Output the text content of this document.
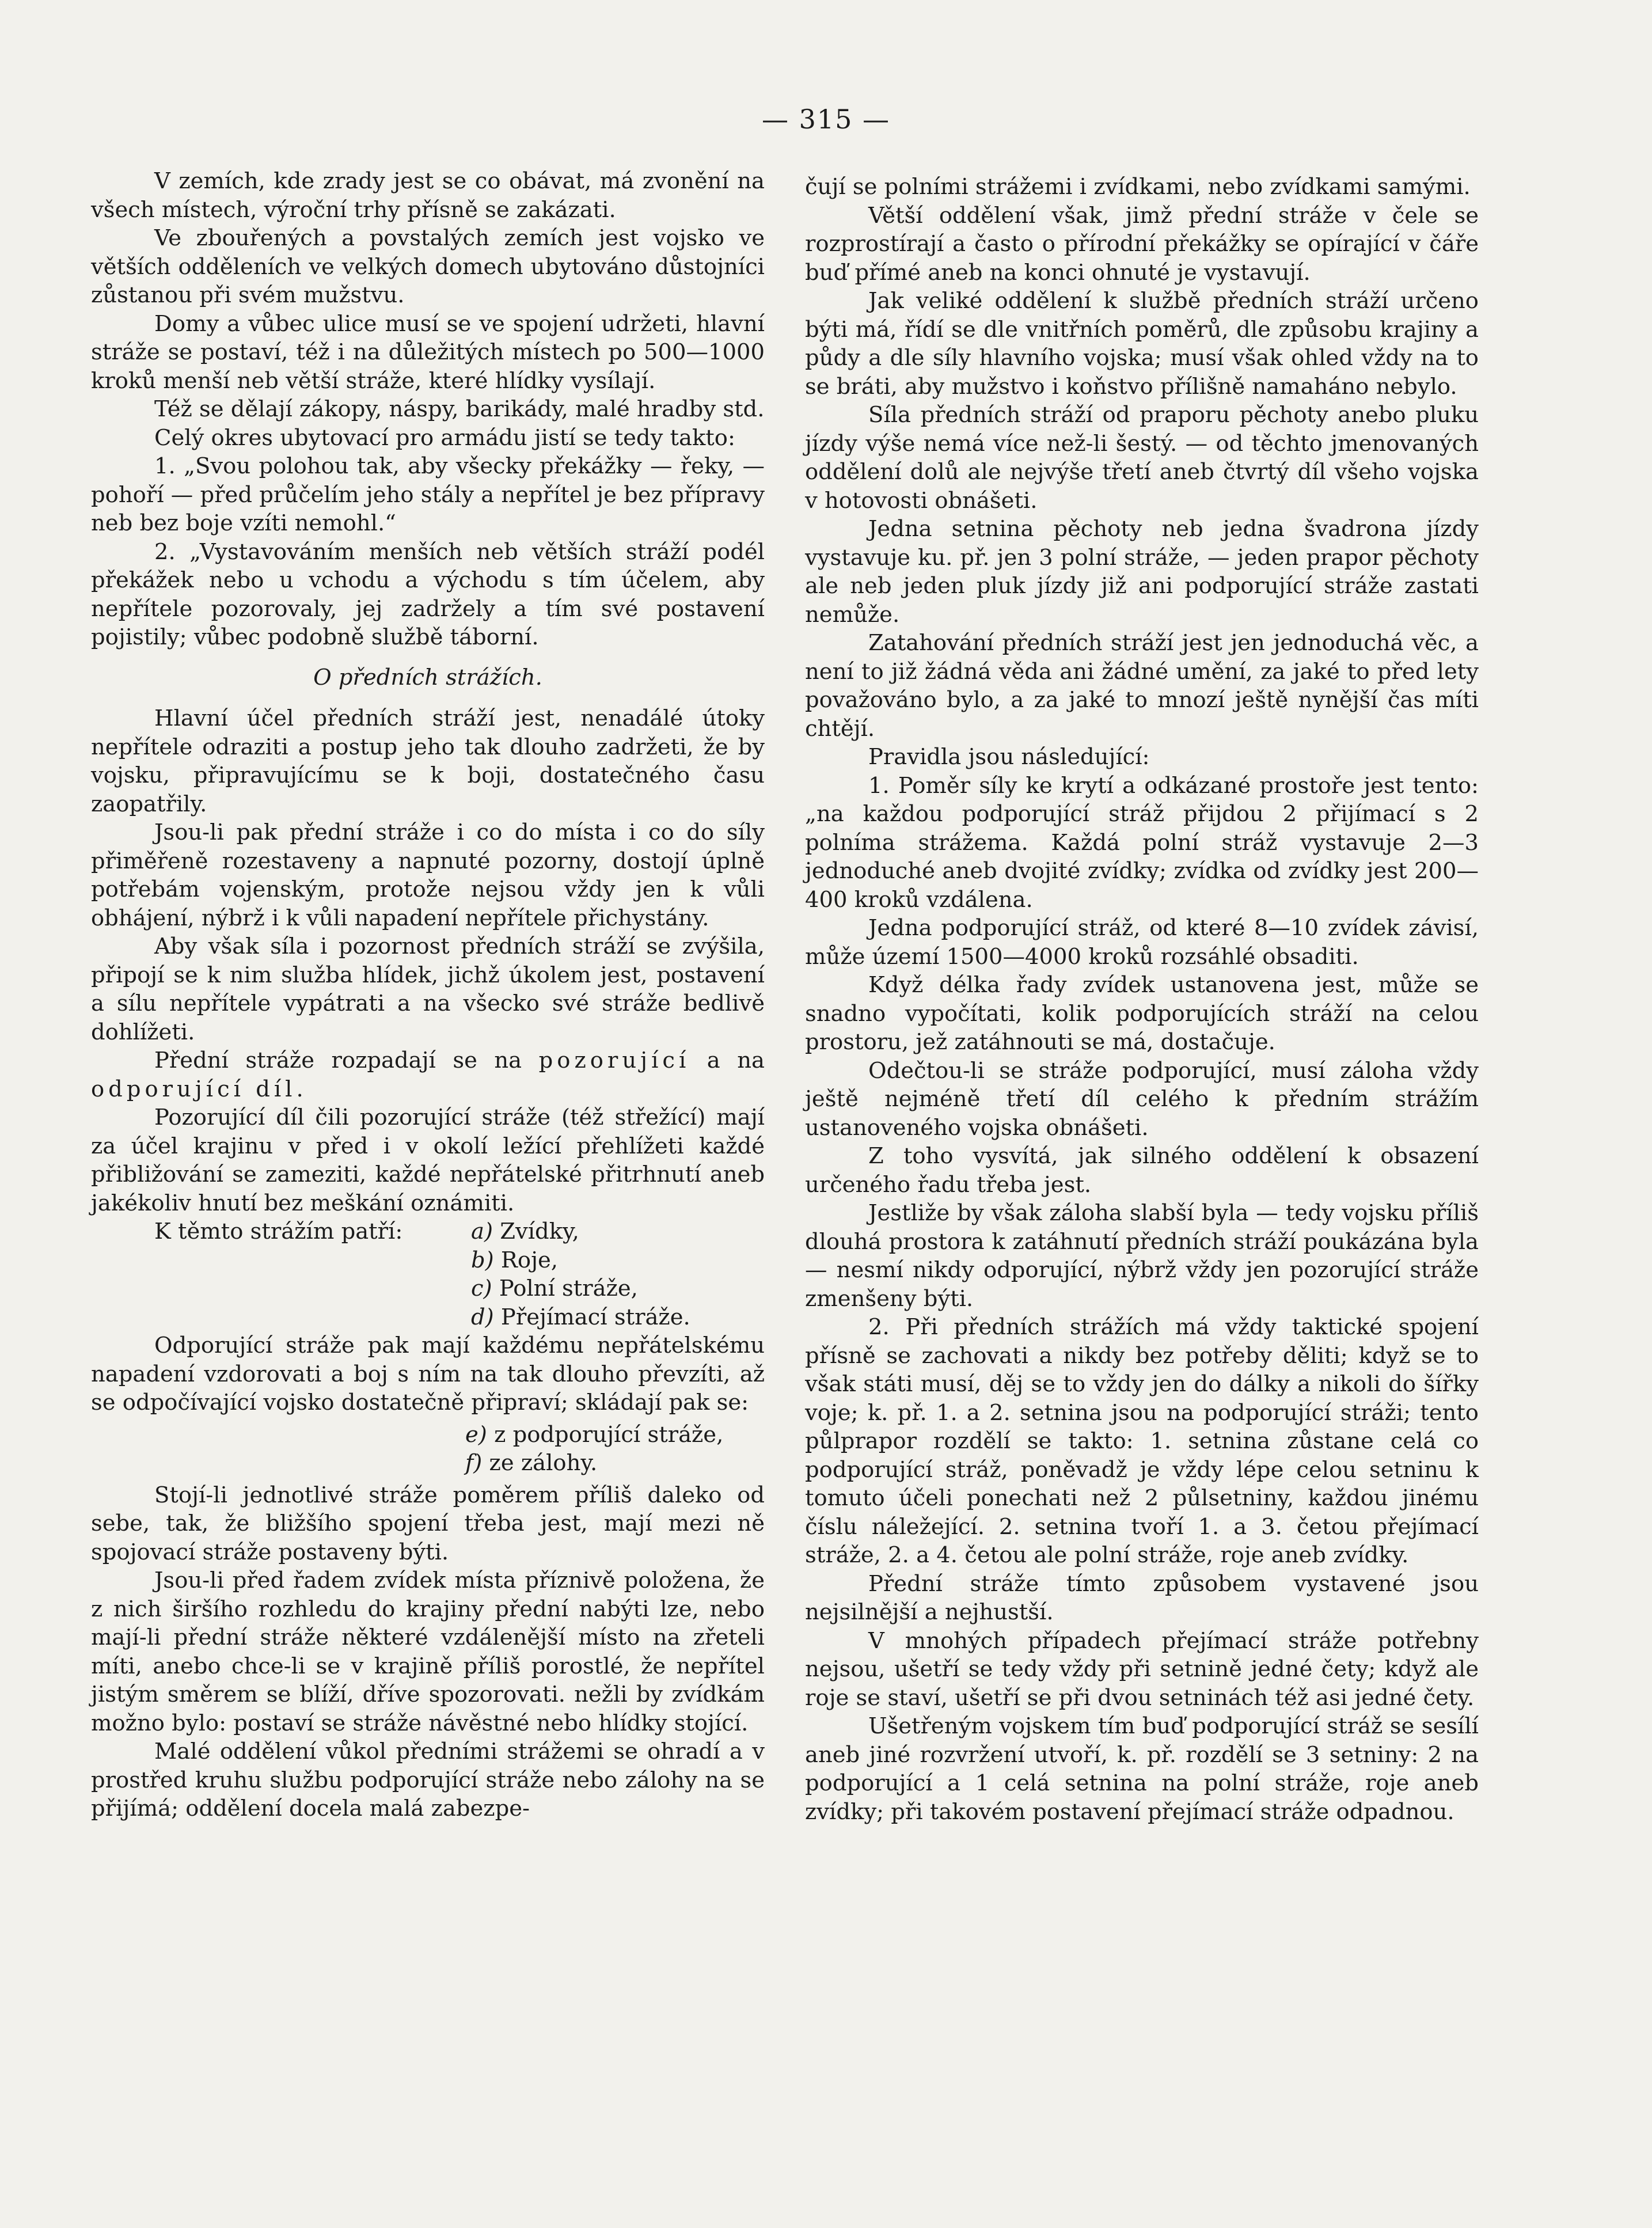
— 315 —

V zemích, kde zrady jest se co obávat, má zvonění na všech místech, výroční trhy přísně se zakázati.

Ve zbouřených a povstalých zemích jest vojsko ve větších odděleních ve velkých domech ubytováno důstojníci zůstanou při svém mužstvu.

Domy a vůbec ulice musí se ve spojení udržeti, hlavní stráže se postaví, též i na důležitých místech po 500—1000 kroků menší neb větší stráže, které hlídky vysílají.

Též se dělají zákopy, náspy, barikády, malé hradby std.

Celý okres ubytovací pro armádu jistí se tedy takto:

1. „Svou polohou tak, aby všecky překážky — řeky, — pohoří — před průčelím jeho stály a nepřítel je bez přípravy neb bez boje vzíti nemohl.“

2. „Vystavováním menších neb větších stráží podél překážek nebo u vchodu a východu s tím účelem, aby nepřítele pozorovaly, jej zadržely a tím své postavení pojistily; vůbec podobně službě táborní.

O předních strážích.

Hlavní účel předních stráží jest, nenadálé útoky nepřítele odraziti a postup jeho tak dlouho zadržeti, že by vojsku, připravujícímu se k boji, dostatečného času zaopatřily.

Jsou-li pak přední stráže i co do místa i co do síly přiměřeně rozestaveny a napnuté pozorny, dostojí úplně potřebám vojenským, protože nejsou vždy jen k vůli obhájení, nýbrž i k vůli napadení nepřítele přichystány.

Aby však síla i pozornost předních stráží se zvýšila, připojí se k nim služba hlídek, jichž úkolem jest, postavení a sílu nepřítele vypátrati a na všecko své stráže bedlivě dohlížeti.

Přední stráže rozpadají se na pozorující a na odporující díl.

Pozorující díl čili pozorující stráže (též střežící) mají za účel krajinu v před i v okolí ležící přehlížeti každé přibližování se zameziti, každé nepřátelské přitrhnutí aneb jakékoliv hnutí bez meškání oznámiti.

K těmto strážím patří:	a) Zvídky,
b) Roje,
c) Polní stráže,
d) Přejímací stráže.

Odporující stráže pak mají každému nepřátelskému napadení vzdorovati a boj s ním na tak dlouho převzíti, až se odpočívající vojsko dostatečně připraví; skládají pak se:

e) z podporující stráže,
f) ze zálohy.

Stojí-li jednotlivé stráže poměrem příliš daleko od sebe, tak, že bližšího spojení třeba jest, mají mezi ně spojovací stráže postaveny býti.

Jsou-li před řadem zvídek místa příznivě položena, že z nich širšího rozhledu do krajiny přední nabýti lze, nebo mají-li přední stráže některé vzdálenější místo na zřeteli míti, anebo chce-li se v krajině příliš porostlé, že nepřítel jistým směrem se blíží, dříve spozorovati. nežli by zvídkám možno bylo: postaví se stráže návěstné nebo hlídky stojící.

Malé oddělení vůkol předními strážemi se ohradí a v prostřed kruhu službu podporující stráže nebo zálohy na se přijímá; oddělení docela malá zabezpe-

čují se polními strážemi i zvídkami, nebo zvídkami samými.

Větší oddělení však, jimž přední stráže v čele se rozprostírají a často o přírodní překážky se opírající v čáře buď přímé aneb na konci ohnuté je vystavují.

Jak veliké oddělení k službě předních stráží určeno býti má, řídí se dle vnitřních poměrů, dle způsobu krajiny a půdy a dle síly hlavního vojska; musí však ohled vždy na to se bráti, aby mužstvo i koňstvo přílišně namaháno nebylo.

Síla předních stráží od praporu pěchoty anebo pluku jízdy výše nemá více než-li šestý. — od těchto jmenovaných oddělení dolů ale nejvýše třetí aneb čtvrtý díl všeho vojska v hotovosti obnášeti.

Jedna setnina pěchoty neb jedna švadrona jízdy vystavuje ku. př. jen 3 polní stráže, — jeden prapor pěchoty ale neb jeden pluk jízdy již ani podporující stráže zastati nemůže.

Zatahování předních stráží jest jen jednoduchá věc, a není to již žádná věda ani žádné umění, za jaké to před lety považováno bylo, a za jaké to mnozí ještě nynější čas míti chtějí.

Pravidla jsou následující:

1. Poměr síly ke krytí a odkázané prostoře jest tento: „na každou podporující stráž přijdou 2 přijímací s 2 polníma strážema. Každá polní stráž vystavuje 2—3 jednoduché aneb dvojité zvídky; zvídka od zvídky jest 200—400 kroků vzdálena.

Jedna podporující stráž, od které 8—10 zvídek závisí, může území 1500—4000 kroků rozsáhlé obsaditi.

Když délka řady zvídek ustanovena jest, může se snadno vypočítati, kolik podporujících stráží na celou prostoru, jež zatáhnouti se má, dostačuje.

Odečtou-li se stráže podporující, musí záloha vždy ještě nejméně třetí díl celého k předním strážím ustanoveného vojska obnášeti.

Z toho vysvítá, jak silného oddělení k obsazení určeného řadu třeba jest.

Jestliže by však záloha slabší byla — tedy vojsku příliš dlouhá prostora k zatáhnutí předních stráží poukázána byla — nesmí nikdy odporující, nýbrž vždy jen pozorující stráže zmenšeny býti.

2. Při předních strážích má vždy taktické spojení přísně se zachovati a nikdy bez potřeby děliti; když se to však státi musí, děj se to vždy jen do dálky a nikoli do šířky voje; k. př. 1. a 2. setnina jsou na podporující stráži; tento půlprapor rozdělí se takto: 1. setnina zůstane celá co podporující stráž, poněvadž je vždy lépe celou setninu k tomuto účeli ponechati než 2 půlsetniny, každou jinému číslu náležející. 2. setnina tvoří 1. a 3. četou přejímací stráže, 2. a 4. četou ale polní stráže, roje aneb zvídky.

Přední stráže tímto způsobem vystavené jsou nejsilnější a nejhustší.

V mnohých případech přejímací stráže potřebny nejsou, ušetří se tedy vždy při setnině jedné čety; když ale roje se staví, ušetří se při dvou setninách též asi jedné čety.

Ušetřeným vojskem tím buď podporující stráž se sesílí aneb jiné rozvržení utvoří, k. př. rozdělí se 3 setniny: 2 na podporující a 1 celá setnina na polní stráže, roje aneb zvídky; při takovém postavení přejímací stráže odpadnou.
